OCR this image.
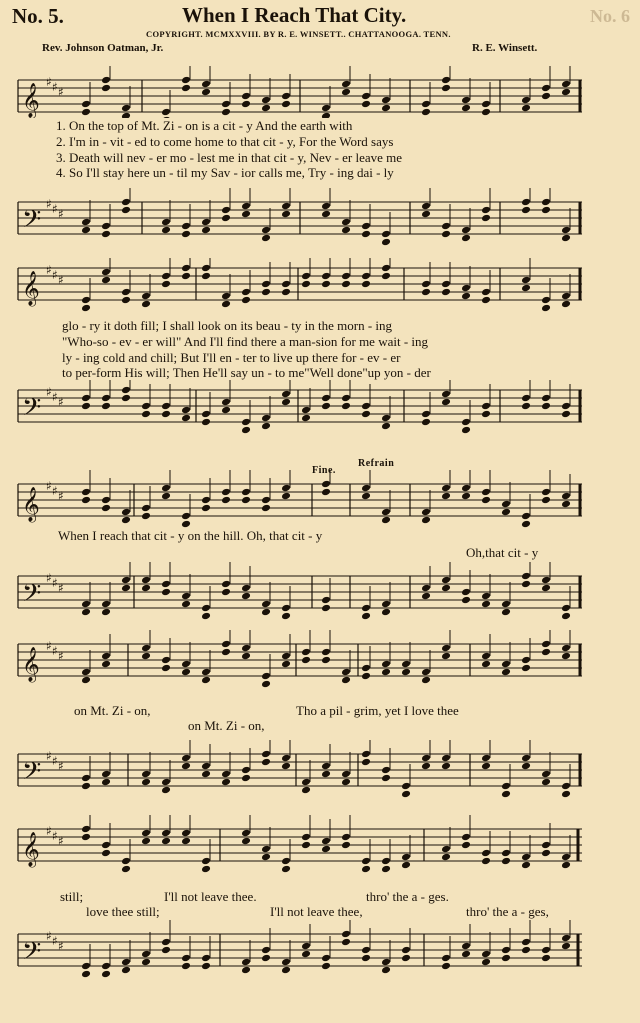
No. 5.	When I Reach That City.	No. 6
COPYRIGHT. MCMXXVIII. BY R. E. WINSETT.. CHATTANOOGA. TENN.
Rev. Johnson Oatman, Jr.	R. E. Winsett.
𝄞
♯ ♯ ♯
1. On the top of Mt. Zi - on is a cit - y And the earth with
2. I'm in - vit - ed to come home to that cit - y, For the Word says
3. Death will nev - er mo - lest me in that cit - y, Nev - er leave me
4. So I'll stay here un - til my Sav - ior calls me, Try - ing dai - ly
𝄢
♯ ♯ ♯
𝄞
♯ ♯ ♯
glo - ry it doth fill; I shall look on its beau - ty in the morn - ing
"Who-so - ev - er will" And I'll find there a man-sion for me wait - ing
ly - ing cold and chill; But I'll en - ter to live up there for - ev - er
to per-form His will; Then He'll say un - to me"Well done"up yon - der
𝄢
♯ ♯ ♯
Fine.
Refrain
𝄞
♯ ♯ ♯
When I reach that cit - y on the hill. Oh, that cit - y
Oh,that cit - y
𝄢
♯ ♯ ♯
𝄞
♯ ♯ ♯
on Mt. Zi - on,	Tho a pil - grim, yet I love thee
on Mt. Zi - on,
𝄢
♯ ♯ ♯
𝄞
♯ ♯ ♯
still;	I'll not leave thee.	thro' the a - ges.
love thee still;	I'll not leave thee,	thro' the a - ges,
𝄢
♯ ♯ ♯
